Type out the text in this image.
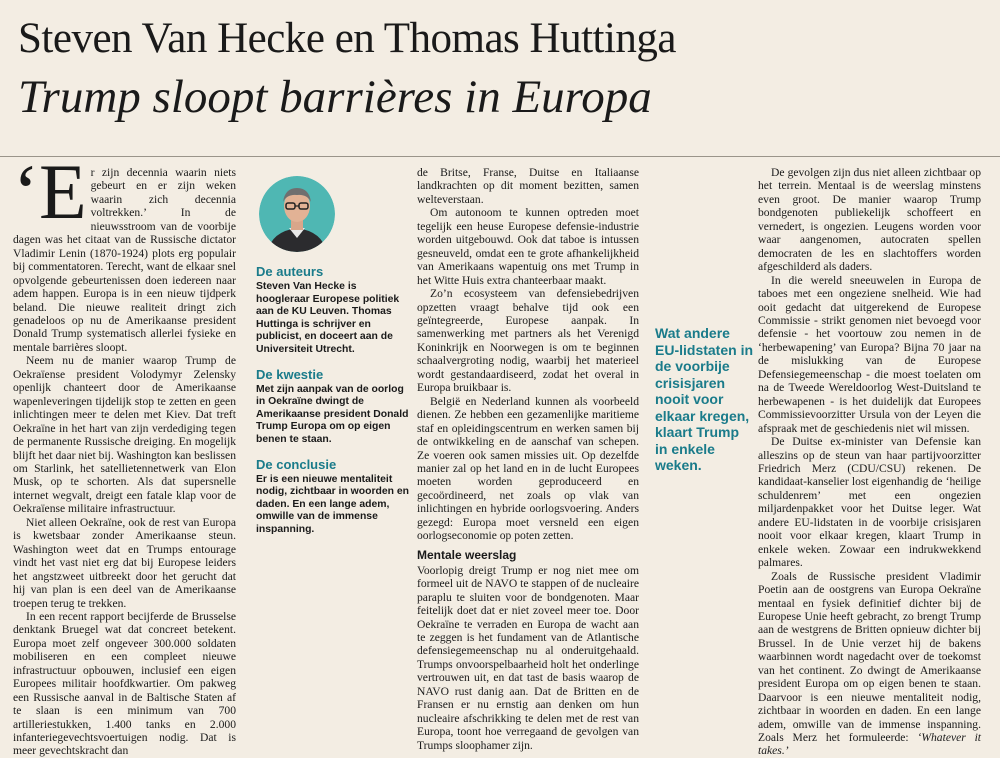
Steven Van Hecke en Thomas Huttinga
Trump sloopt barrières in Europa

‘Er zijn decennia waarin niets gebeurt en er zijn weken waarin zich decennia voltrekken.’ In de nieuwsstroom van de voorbije dagen was het citaat van de Russische dictator Vladimir Lenin (1870-1924) plots erg populair bij commentatoren. Terecht, want de elkaar snel opvolgende gebeurtenissen doen iedereen naar adem happen. Europa is in een nieuw tijdperk beland. Die nieuwe realiteit dringt zich genadeloos op nu de Amerikaanse president Donald Trump systematisch allerlei fysieke en mentale barrières sloopt.

Neem nu de manier waarop Trump de Oekraïense president Volodymyr Zelensky openlijk chanteert door de Amerikaanse wapenleveringen tijdelijk stop te zetten en geen inlichtingen meer te delen met Kiev. Dat treft Oekraïne in het hart van zijn verdediging tegen de permanente Russische dreiging. En mogelijk blijft het daar niet bij. Washington kan beslissen om Starlink, het satellietennetwerk van Elon Musk, op te schorten. Als dat supersnelle internet wegvalt, dreigt een fatale klap voor de Oekraïense militaire infrastructuur.

Niet alleen Oekraïne, ook de rest van Europa is kwetsbaar zonder Amerikaanse steun. Washington weet dat en Trumps entourage vindt het vast niet erg dat bij Europese leiders het angstzweet uitbreekt door het gerucht dat hij van plan is een deel van de Amerikaanse troepen terug te trekken.

In een recent rapport becijferde de Brusselse denktank Bruegel wat dat concreet betekent. Europa moet zelf ongeveer 300.000 soldaten mobiliseren en een compleet nieuwe infrastructuur opbouwen, inclusief een eigen Europees militair hoofdkwartier. Om pakweg een Russische aanval in de Baltische Staten af te slaan is een minimum van 700 artilleriestukken, 1.400 tanks en 2.000 infanteriegevechtsvoertuigen nodig. Dat is meer gevechtskracht dan

De auteurs
Steven Van Hecke is hoogleraar Europese politiek aan de KU Leuven. Thomas Huttinga is schrijver en publicist, en doceert aan de Universiteit Utrecht.
De kwestie
Met zijn aanpak van de oorlog in Oekraïne dwingt de Amerikaanse president Donald Trump Europa om op eigen benen te staan.
De conclusie
Er is een nieuwe mentaliteit nodig, zichtbaar in woorden en daden. En een lange adem, omwille van de immense inspanning.

de Britse, Franse, Duitse en Italiaanse landkrachten op dit moment bezitten, samen welteverstaan.

Om autonoom te kunnen optreden moet tegelijk een heuse Europese defensie-industrie worden uitgebouwd. Ook dat taboe is intussen gesneuveld, omdat een te grote afhankelijkheid van Amerikaans wapentuig ons met Trump in het Witte Huis extra chanteerbaar maakt.

Zo’n ecosysteem van defensiebedrijven opzetten vraagt behalve tijd ook een geïntegreerde, Europese aanpak. In samenwerking met partners als het Verenigd Koninkrijk en Noorwegen is om te beginnen schaalvergroting nodig, waarbij het materieel wordt gestandaardiseerd, zodat het overal in Europa bruikbaar is.

België en Nederland kunnen als voorbeeld dienen. Ze hebben een gezamenlijke maritieme staf en opleidingscentrum en werken samen bij de ontwikkeling en de aanschaf van schepen. Ze voeren ook samen missies uit. Op dezelfde manier zal op het land en in de lucht Europees moeten worden geproduceerd en gecoördineerd, net zoals op vlak van inlichtingen en hybride oorlogsvoering. Anders gezegd: Europa moet versneld een eigen oorlogseconomie op poten zetten.

Mentale weerslag

Voorlopig dreigt Trump er nog niet mee om formeel uit de NAVO te stappen of de nucleaire paraplu te sluiten voor de bondgenoten. Maar feitelijk doet dat er niet zoveel meer toe. Door Oekraïne te verraden en Europa de wacht aan te zeggen is het fundament van de Atlantische defensiegemeenschap nu al onderuitgehaald. Trumps onvoorspelbaarheid holt het onderlinge vertrouwen uit, en dat tast de basis waarop de NAVO rust danig aan. Dat de Britten en de Fransen er nu ernstig aan denken om hun nucleaire afschrikking te delen met de rest van Europa, toont hoe verregaand de gevolgen van Trumps sloophamer zijn.

Wat andere EU-lidstaten in de voorbije crisisjaren nooit voor elkaar kregen, klaart Trump in enkele weken.

De gevolgen zijn dus niet alleen zichtbaar op het terrein. Mentaal is de weerslag minstens even groot. De manier waarop Trump bondgenoten publiekelijk schoffeert en vernedert, is ongezien. Leugens worden voor waar aangenomen, autocraten spellen democraten de les en slachtoffers worden afgeschilderd als daders.

In die wereld sneeuwelen in Europa de taboes met een ongeziene snelheid. Wie had ooit gedacht dat uitgerekend de Europese Commissie - strikt genomen niet bevoegd voor defensie - het voortouw zou nemen in de ‘herbewapening’ van Europa? Bijna 70 jaar na de mislukking van de Europese Defensiegemeenschap - die moest toelaten om na de Tweede Wereldoorlog West-Duitsland te herbewapenen - is het duidelijk dat Europees Commissievoorzitter Ursula von der Leyen die afspraak met de geschiedenis niet wil missen.

De Duitse ex-minister van Defensie kan alleszins op de steun van haar partijvoorzitter Friedrich Merz (CDU/CSU) rekenen. De kandidaat-kanselier lost eigenhandig de ‘heilige schuldenrem’ met een ongezien miljardenpakket voor het Duitse leger. Wat andere EU-lidstaten in de voorbije crisisjaren nooit voor elkaar kregen, klaart Trump in enkele weken. Zowaar een indrukwekkend palmares.

Zoals de Russische president Vladimir Poetin aan de oostgrens van Europa Oekraïne mentaal en fysiek definitief dichter bij de Europese Unie heeft gebracht, zo brengt Trump aan de westgrens de Britten opnieuw dichter bij Brussel. In de Unie verzet hij de bakens waarbinnen wordt nagedacht over de toekomst van het continent. Zo dwingt de Amerikaanse president Europa om op eigen benen te staan. Daarvoor is een nieuwe mentaliteit nodig, zichtbaar in woorden en daden. En een lange adem, omwille van de immense inspanning. Zoals Merz het formuleerde: ‘Whatever it takes.’
